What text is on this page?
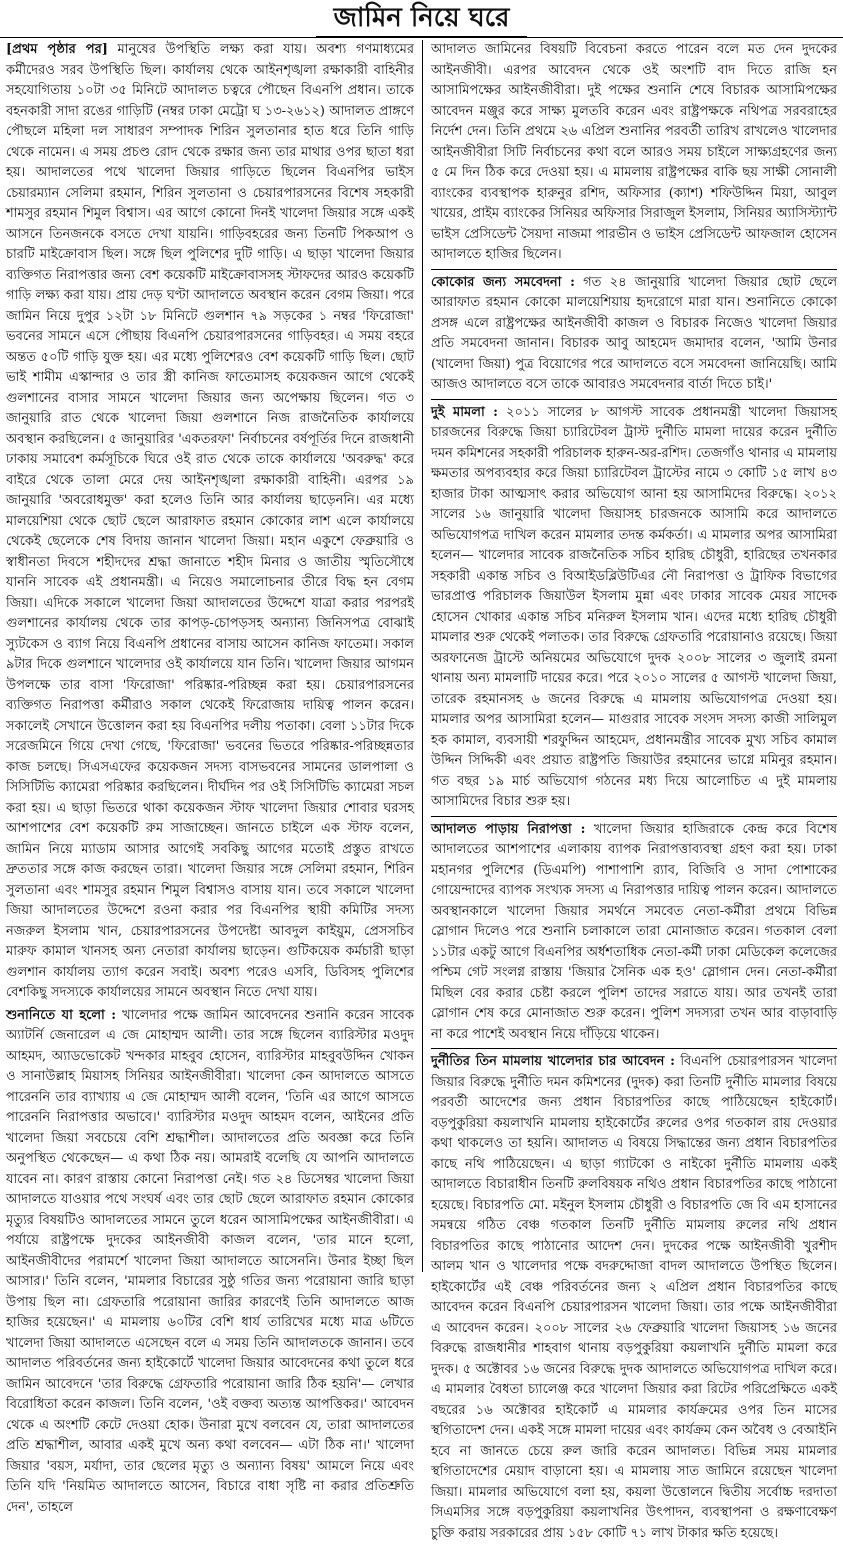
জামিন নিয়ে ঘরে

[প্রথম পৃষ্ঠার পর] মানুষের উপস্থিতি লক্ষ্য করা যায়। অবশ্য গণমাধ্যমের কর্মীদেরও সরব উপস্থিতি ছিল। কার্যালয় থেকে আইনশৃঙ্খলা রক্ষাকারী বাহিনীর সহযোগিতায় ১০টা ৩৫ মিনিটে আদালত চত্বরে পৌছেন বিএনপি প্রধান। তাকে বহনকারী সাদা রঙের গাড়িটি (নম্বর ঢাকা মেট্রো ঘ ১৩-২৬১২) আদালত প্রাঙ্গণে পৌছলে মহিলা দল সাধারণ সম্পাদক শিরিন সুলতানার হাত ধরে তিনি গাড়ি থেকে নামেন। এ সময় প্রচণ্ড রোদ থেকে রক্ষার জন্য তার মাথার ওপর ছাতা ধরা হয়। আদালতের পথে খালেদা জিয়ার গাড়িতে ছিলেন বিএনপির ভাইস চেয়ারম্যান সেলিমা রহমান, শিরিন সুলতানা ও চেয়ারপারসনের বিশেষ সহকারী শামসুর রহমান শিমুল বিশ্বাস। এর আগে কোনো দিনই খালেদা জিয়ার সঙ্গে একই আসনে তিনজনকে বসতে দেখা যায়নি। গাড়িবহরের জন্য তিনটি পিকআপ ও চারটি মাইক্রোবাস ছিল। সঙ্গে ছিল পুলিশের দুটি গাড়ি। এ ছাড়া খালেদা জিয়ার ব্যক্তিগত নিরাপত্তার জন্য বেশ কয়েকটি মাইক্রোবাসসহ স্টাফদের আরও কয়েকটি গাড়ি লক্ষ্য করা যায়। প্রায় দেড় ঘণ্টা আদালতে অবস্থান করেন বেগম জিয়া। পরে জামিন নিয়ে দুপুর ১২টা ১৮ মিনিটে গুলশান ৭৯ সড়কের ১ নম্বর 'ফিরোজা' ভবনের সামনে এসে পৌছায় বিএনপি চেয়ারপারসনের গাড়িবহর। এ সময় বহরে অন্তত ৫০টি গাড়ি যুক্ত হয়। এর মধ্যে পুলিশেরও বেশ কয়েকটি গাড়ি ছিল। ছোট ভাই শামীম এস্কান্দার ও তার স্ত্রী কানিজ ফাতেমাসহ কয়েকজন আগে থেকেই গুলশানের বাসার সামনে খালেদা জিয়ার জন্য অপেক্ষায় ছিলেন। গত ৩ জানুয়ারি রাত থেকে খালেদা জিয়া গুলশানে নিজ রাজনৈতিক কার্যালয়ে অবস্থান করছিলেন। ৫ জানুয়ারির 'একতরফা' নির্বাচনের বর্ষপূর্তির দিনে রাজধানী ঢাকায় সমাবেশ কর্মসূচিকে ঘিরে ওই রাত থেকে তাকে কার্যালয়ে 'অবরুদ্ধ' করে বাইরে থেকে তালা মেরে দেয় আইনশৃঙ্খলা রক্ষাকারী বাহিনী। এরপর ১৯ জানুয়ারি 'অবরোধমুক্ত' করা হলেও তিনি আর কার্যালয় ছাড়েননি। এর মধ্যে মালয়েশিয়া থেকে ছোট ছেলে আরাফাত রহমান কোকোর লাশ এলে কার্যালয়ে থেকেই ছেলেকে শেষ বিদায় জানান খালেদা জিয়া। মহান একুশে ফেব্রুয়ারি ও স্বাধীনতা দিবসে শহীদদের শ্রদ্ধা জানাতে শহীদ মিনার ও জাতীয় স্মৃতিসৌধে যাননি সাবেক এই প্রধানমন্ত্রী। এ নিয়েও সমালোচনার তীরে বিদ্ধ হন বেগম জিয়া। এদিকে সকালে খালেদা জিয়া আদালতের উদ্দেশে যাত্রা করার পরপরই গুলশানের কার্যালয় থেকে তার কাপড়-চোপড়সহ অন্যান্য জিনিসপত্র বোঝাই স্যুটকেস ও ব্যাগ নিয়ে বিএনপি প্রধানের বাসায় আসেন কানিজ ফাতেমা। সকাল ৯টার দিকে গুলশানে খালেদার ওই কার্যালয়ে যান তিনি। খালেদা জিয়ার আগমন উপলক্ষে তার বাসা 'ফিরোজা' পরিষ্কার-পরিচ্ছন্ন করা হয়। চেয়ারপারসনের ব্যক্তিগত নিরাপত্তা কর্মীরাও সকাল থেকেই ফিরোজায় দায়িত্ব পালন করেন। সকালেই সেখানে উত্তোলন করা হয় বিএনপির দলীয় পতাকা। বেলা ১১টার দিকে সরেজমিনে গিয়ে দেখা গেছে, 'ফিরোজা' ভবনের ভিতরে পরিষ্কার-পরিচ্ছন্নতার কাজ চলছে। সিএসএফের কয়েকজন সদস্য বাসভবনের সামনের ডালপালা ও সিসিটিভি ক্যামেরা পরিষ্কার করছিলেন। দীর্ঘদিন পর ওই সিসিটিভি ক্যামেরা সচল করা হয়। এ ছাড়া ভিতরে থাকা কয়েকজন স্টাফ খালেদা জিয়ার শোবার ঘরসহ আশপাশের বেশ কয়েকটি রুম সাজাচ্ছেন। জানতে চাইলে এক স্টাফ বলেন, জামিন নিয়ে ম্যাডাম আসার আগেই সবকিছু আগের মতোই প্রস্তুত রাখতে দ্রুততার সঙ্গে কাজ করছেন তারা। খালেদা জিয়ার সঙ্গে সেলিমা রহমান, শিরিন সুলতানা এবং শামসুর রহমান শিমুল বিশ্বাসও বাসায় যান। তবে সকালে খালেদা জিয়া আদালতের উদ্দেশে রওনা করার পর বিএনপির স্থায়ী কমিটির সদস্য নজরুল ইসলাম খান, চেয়ারপারসনের উপদেষ্টা আবদুল কাইয়ুম, প্রেসসচিব মারুফ কামাল খানসহ অন্য নেতারা কার্যালয় ছাড়েন। গুটিকয়েক কর্মচারী ছাড়া গুলশান কার্যালয় ত্যাগ করেন সবাই। অবশ্য পরেও এসবি, ডিবিসহ পুলিশের বেশকিছু সদস্যকে কার্যালয়ের সামনে অবস্থান নিতে দেখা যায়।

শুনানিতে যা হলো : খালেদার পক্ষে জামিন আবেদনের শুনানি করেন সাবেক অ্যাটর্নি জেনারেল এ জে মোহাম্মদ আলী। তার সঙ্গে ছিলেন ব্যারিস্টার মওদুদ আহমদ, অ্যাডভোকেট খন্দকার মাহবুব হোসেন, ব্যারিস্টার মাহবুবউদ্দিন খোকন ও সানাউল্লাহ মিয়াসহ সিনিয়র আইনজীবীরা। খালেদা কেন আদালতে আসতে পারেননি তার ব্যাখ্যায় এ জে মোহাম্মদ আলী বলেন, 'তিনি এর আগে আসতে পারেননি নিরাপত্তার অভাবে।' ব্যারিস্টার মওদুদ আহমদ বলেন, আইনের প্রতি খালেদা জিয়া সবচেয়ে বেশি শ্রদ্ধাশীল। আদালতের প্রতি অবজ্ঞা করে তিনি অনুপস্থিত থেকেছেন— এ কথা ঠিক নয়। আমরাই বলেছি যে আপনি আদালতে যাবেন না। কারণ রাস্তায় কোনো নিরাপত্তা নেই। গত ২৪ ডিসেম্বর খালেদা জিয়া আদালতে যাওয়ার পথে সংঘর্ষ এবং তার ছোট ছেলে আরাফাত রহমান কোকোর মৃত্যুর বিষয়টিও আদালতের সামনে তুলে ধরেন আসামিপক্ষের আইনজীবীরা। এ পর্যায়ে রাষ্ট্রপক্ষে দুদকের আইনজীবী কাজল বলেন, 'তার মানে হলো, আইনজীবীদের পরামর্শে খালেদা জিয়া আদালতে আসেননি। উনার ইচ্ছা ছিল আসার।' তিনি বলেন, 'মামলার বিচারের সুষ্ঠু গতির জন্য পরোয়ানা জারি ছাড়া উপায় ছিল না। গ্রেফতারি পরোয়ানা জারির কারণেই তিনি আদালতে আজ হাজির হয়েছেন।' এ মামলায় ৬০টির বেশি ধার্য তারিখের মধ্যে মাত্র ৬টিতে খালেদা জিয়া আদালতে এসেছেন বলে এ সময় তিনি আদালতকে জানান। তবে আদালত পরিবর্তনের জন্য হাইকোর্টে খালেদা জিয়ার আবেদনের কথা তুলে ধরে জামিন আবেদনে 'তার বিরুদ্ধে গ্রেফতারি পরোয়ানা জারি ঠিক হয়নি'— লেখার বিরোধিতা করেন কাজল। তিনি বলেন, 'ওই বক্তব্য অত্যন্ত আপত্তিকর।' আবেদন থেকে এ অংশটি কেটে দেওয়া হোক। উনারা মুখে বলবেন যে, তারা আদালতের প্রতি শ্রদ্ধাশীল, আবার একই মুখে অন্য কথা বলবেন— এটা ঠিক না।' খালেদা জিয়ার 'বয়স, মর্যাদা, তার ছেলের মৃত্যু ও অন্যান্য বিষয়' আমলে নিয়ে এবং তিনি যদি 'নিয়মিত আদালতে আসেন, বিচারে বাধা সৃষ্টি না করার প্রতিশ্রুতি দেন', তাহলে

আদালত জামিনের বিষয়টি বিবেচনা করতে পারেন বলে মত দেন দুদকের আইনজীবী। এরপর আবেদন থেকে ওই অংশটি বাদ দিতে রাজি হন আসামিপক্ষের আইনজীবীরা। দুই পক্ষের শুনানি শেষে বিচারক আসামিপক্ষের আবেদন মঞ্জুর করে সাক্ষ্য মুলতবি করেন এবং রাষ্ট্রপক্ষকে নথিপত্র সরবরাহের নির্দেশ দেন। তিনি প্রথমে ২৬ এপ্রিল শুনানির পরবর্তী তারিখ রাখলেও খালেদার আইনজীবীরা সিটি নির্বাচনের কথা বলে আরও সময় চাইলে সাক্ষ্যগ্রহণের জন্য ৫ মে দিন ঠিক করে দেওয়া হয়। এ মামলায় রাষ্ট্রপক্ষের বাকি ছয় সাক্ষী সোনালী ব্যাংকের ব্যবস্থাপক হারুনুর রশিদ, অফিসার (ক্যাশ) শফিউদ্দিন মিয়া, আবুল খায়ের, প্রাইম ব্যাংকের সিনিয়র অফিসার সিরাজুল ইসলাম, সিনিয়র অ্যাসিস্ট্যান্ট ভাইস প্রেসিডেন্ট সৈয়দা নাজমা পারভীন ও ভাইস প্রেসিডেন্ট আফজাল হোসেন আদালতে হাজির ছিলেন।

কোকোর জন্য সমবেদনা : গত ২৪ জানুয়ারি খালেদা জিয়ার ছোট ছেলে আরাফাত রহমান কোকো মালয়েশিয়ায় হৃদরোগে মারা যান। শুনানিতে কোকো প্রসঙ্গ এলে রাষ্ট্রপক্ষের আইনজীবী কাজল ও বিচারক নিজেও খালেদা জিয়ার প্রতি সমবেদনা জানান। বিচারক আবু আহমেদ জমাদার বলেন, 'আমি উনার (খালেদা জিয়া) পুত্র বিয়োগের পরে আদালতে বসে সমবেদনা জানিয়েছি। আমি আজও আদালতে বসে তাকে আবারও সমবেদনার বার্তা দিতে চাই।'

দুই মামলা : ২০১১ সালের ৮ আগস্ট সাবেক প্রধানমন্ত্রী খালেদা জিয়াসহ চারজনের বিরুদ্ধে জিয়া চ্যারিটেবল ট্রাস্ট দুর্নীতি মামলা দায়ের করেন দুর্নীতি দমন কমিশনের সহকারী পরিচালক হারুন-অর-রশিদ। তেজগাঁও থানার এ মামলায় ক্ষমতার অপব্যবহার করে জিয়া চ্যারিটেবল ট্রাস্টের নামে ৩ কোটি ১৫ লাখ ৪৩ হাজার টাকা আত্মসাৎ করার অভিযোগ আনা হয় আসামিদের বিরুদ্ধে। ২০১২ সালের ১৬ জানুয়ারি খালেদা জিয়াসহ চারজনকে আসামি করে আদালতে অভিযোগপত্র দাখিল করেন মামলার তদন্ত কর্মকর্তা। এ মামলার অপর আসামিরা হলেন— খালেদার সাবেক রাজনৈতিক সচিব হারিছ চৌধুরী, হারিছের তখনকার সহকারী একান্ত সচিব ও বিআইডব্লিউটিএর নৌ নিরাপত্তা ও ট্রাফিক বিভাগের ভারপ্রাপ্ত পরিচালক জিয়াউল ইসলাম মুন্না এবং ঢাকার সাবেক মেয়র সাদেক হোসেন খোকার একান্ত সচিব মনিরুল ইসলাম খান। এদের মধ্যে হারিছ চৌধুরী মামলার শুরু থেকেই পলাতক। তার বিরুদ্ধে গ্রেফতারি পরোয়ানাও রয়েছে। জিয়া অরফানেজ ট্রাস্টে অনিয়মের অভিযোগে দুদক ২০০৮ সালের ৩ জুলাই রমনা থানায় অন্য মামলাটি দায়ের করে। পরে ২০১০ সালের ৫ আগস্ট খালেদা জিয়া, তারেক রহমানসহ ৬ জনের বিরুদ্ধে এ মামলায় অভিযোগপত্র দেওয়া হয়। মামলার অপর আসামিরা হলেন— মাগুরার সাবেক সংসদ সদস্য কাজী সালিমুল হক কামাল, ব্যবসায়ী শরফুদ্দিন আহমেদ, প্রধানমন্ত্রীর সাবেক মুখ্য সচিব কামাল উদ্দিন সিদ্দিকী এবং প্রয়াত রাষ্ট্রপতি জিয়াউর রহমানের ভাগ্নে মমিনুর রহমান। গত বছর ১৯ মার্চ অভিযোগ গঠনের মধ্য দিয়ে আলোচিত এ দুই মামলায় আসামিদের বিচার শুরু হয়।

আদালত পাড়ায় নিরাপত্তা : খালেদা জিয়ার হাজিরাকে কেন্দ্র করে বিশেষ আদালতের আশপাশের এলাকায় ব্যাপক নিরাপত্তাব্যবস্থা গ্রহণ করা হয়। ঢাকা মহানগর পুলিশের (ডিএমপি) পাশাপাশি র‍্যাব, বিজিবি ও সাদা পোশাকের গোয়েন্দাদের ব্যাপক সংখ্যক সদস্য এ নিরাপত্তার দায়িত্ব পালন করেন। আদালতে অবস্থানকালে খালেদা জিয়ার সমর্থনে সমবেত নেতা-কর্মীরা প্রথমে বিভিন্ন স্লোগান দিলেও পরে শুনানি চলাকালে তারা মোনাজাত করেন। গতকাল বেলা ১১টার একটু আগে বিএনপির অর্ধশতাধিক নেতা-কর্মী ঢাকা মেডিকেল কলেজের পশ্চিম গেট সংলগ্ন রাস্তায় 'জিয়ার সৈনিক এক হও' স্লোগান দেন। নেতা-কর্মীরা মিছিল বের করার চেষ্টা করলে পুলিশ তাদের সরাতে যায়। আর তখনই তারা স্লোগান শেষ করে মোনাজাত শুরু করেন। পুলিশ সদস্যরা তখন আর বাড়াবাড়ি না করে পাশেই অবস্থান নিয়ে দাঁড়িয়ে থাকেন।

দুর্নীতির তিন মামলায় খালেদার চার আবেদন : বিএনপি চেয়ারপারসন খালেদা জিয়ার বিরুদ্ধে দুর্নীতি দমন কমিশনের (দুদক) করা তিনটি দুর্নীতি মামলার বিষয়ে পরবর্তী আদেশের জন্য প্রধান বিচারপতির কাছে পাঠিয়েছেন হাইকোর্ট। বড়পুকুরিয়া কয়লাখনি মামলায় হাইকোর্টের রুলের ওপর গতকাল রায় দেওয়ার কথা থাকলেও তা হয়নি। আদালত এ বিষয়ে সিদ্ধান্তের জন্য প্রধান বিচারপতির কাছে নথি পাঠিয়েছেন। এ ছাড়া গ্যাটকো ও নাইকো দুর্নীতি মামলায় একই আদালতে বিচারাধীন তিনটি রুলবিষয়ক নথিও প্রধান বিচারপতির কাছে পাঠানো হয়েছে। বিচারপতি মো. মইনুল ইসলাম চৌধুরী ও বিচারপতি জে বি এম হাসানের সমন্বয়ে গঠিত বেঞ্চ গতকাল তিনটি দুর্নীতি মামলায় রুলের নথি প্রধান বিচারপতির কাছে পাঠানোর আদেশ দেন। দুদকের পক্ষে আইনজীবী খুরশীদ আলম খান ও খালেদার পক্ষে বদরুদ্দোজা বাদল আদালতে উপস্থিত ছিলেন। হাইকোর্টের এই বেঞ্চ পরিবর্তনের জন্য ২ এপ্রিল প্রধান বিচারপতির কাছে আবেদন করেন বিএনপি চেয়ারপারসন খালেদা জিয়া। তার পক্ষে আইনজীবীরা এ আবেদন করেন। ২০০৮ সালের ২৬ ফেব্রুয়ারি খালেদা জিয়াসহ ১৬ জনের বিরুদ্ধে রাজধানীর শাহবাগ থানায় বড়পুকুরিয়া কয়লাখনি দুর্নীতি মামলা করে দুদক। ৫ অক্টোবর ১৬ জনের বিরুদ্ধে দুদক আদালতে অভিযোগপত্র দাখিল করে। এ মামলার বৈধতা চ্যালেঞ্জ করে খালেদা জিয়ার করা রিটের পরিপ্রেক্ষিতে একই বছরের ১৬ অক্টোবর হাইকোর্ট এ মামলার কার্যক্রমের ওপর তিন মাসের স্থগিতাদেশ দেন। একই সঙ্গে মামলা দায়ের এবং কার্যক্রম কেন অবৈধ ও বেআইনি হবে না জানতে চেয়ে রুল জারি করেন আদালত। বিভিন্ন সময় মামলার স্থগিতাদেশের মেয়াদ বাড়ানো হয়। এ মামলায় সাত জামিনে রয়েছেন খালেদা জিয়া। মামলার অভিযোগে বলা হয়, কয়লা উত্তোলনে দ্বিতীয় সর্বোচ্চ দরদাতা সিএমসির সঙ্গে বড়পুকুরিয়া কয়লাখনির উৎপাদন, ব্যবস্থাপনা ও রক্ষণাবেক্ষণ চুক্তি করায় সরকারের প্রায় ১৫৮ কোটি ৭১ লাখ টাকার ক্ষতি হয়েছে।
